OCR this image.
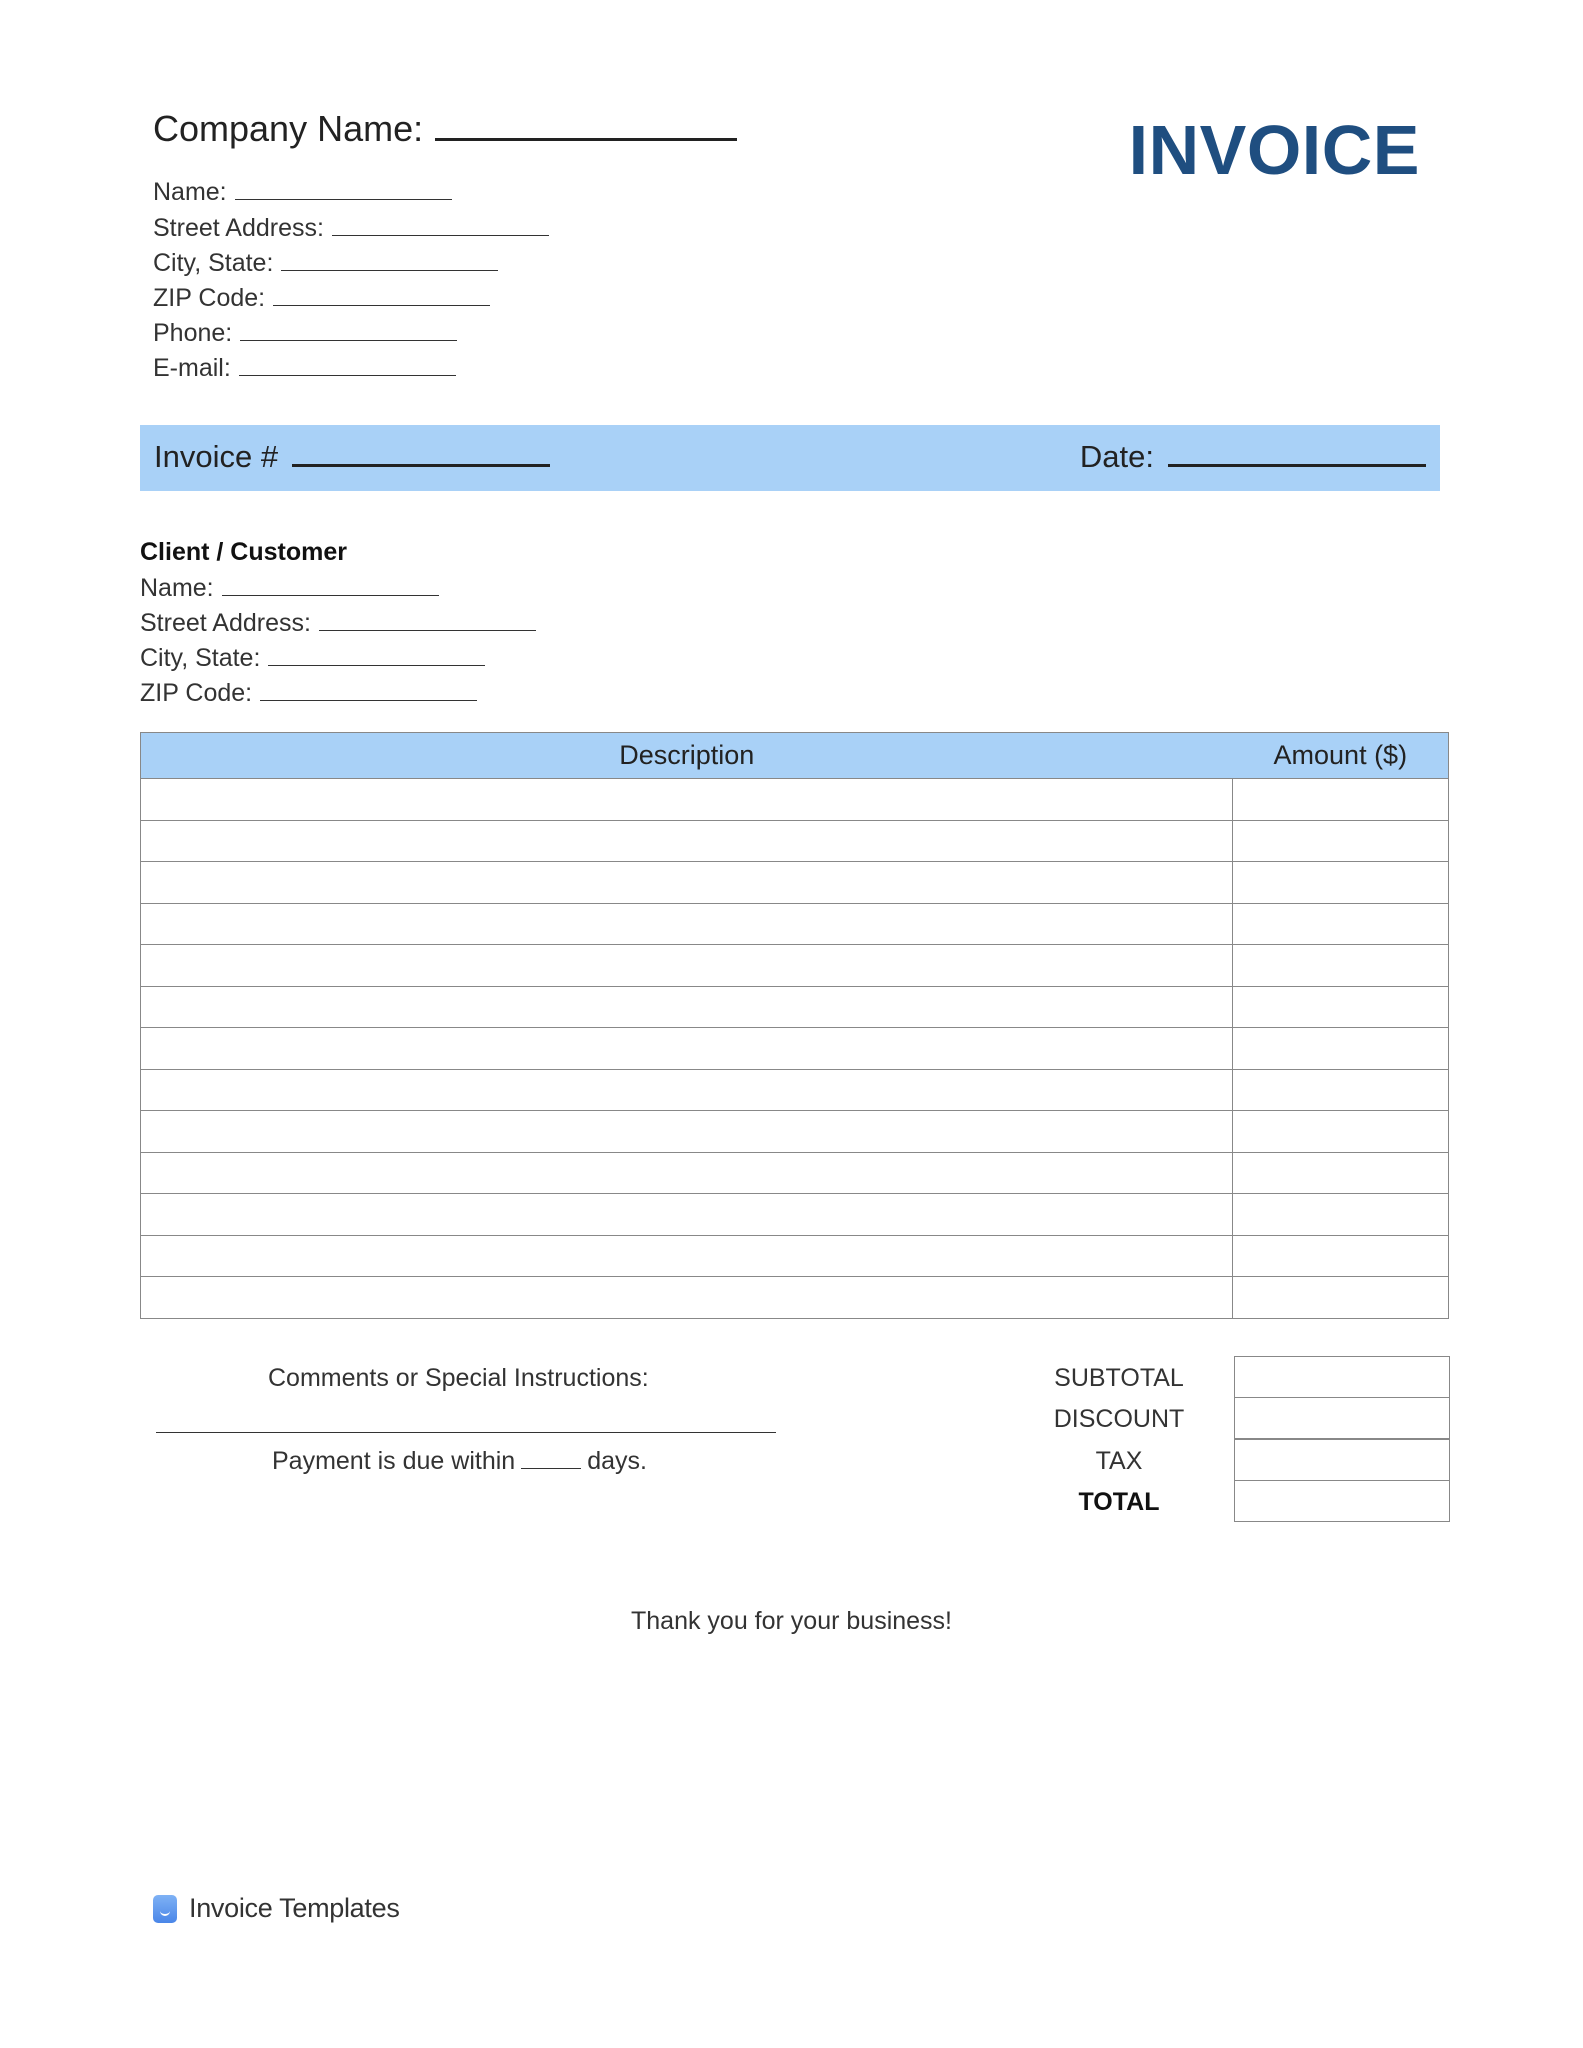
Company Name:
Name:
Street Address:
City, State:
ZIP Code:
Phone:
E-mail:
INVOICE
Invoice #	Date:
Client / Customer
Name:
Street Address:
City, State:
ZIP Code:
Description	Amount ($)

Comments or Special Instructions:
Payment is due within	days.
SUBTOTAL
DISCOUNT
TAX
TOTAL
Thank you for your business!
Invoice Templates
